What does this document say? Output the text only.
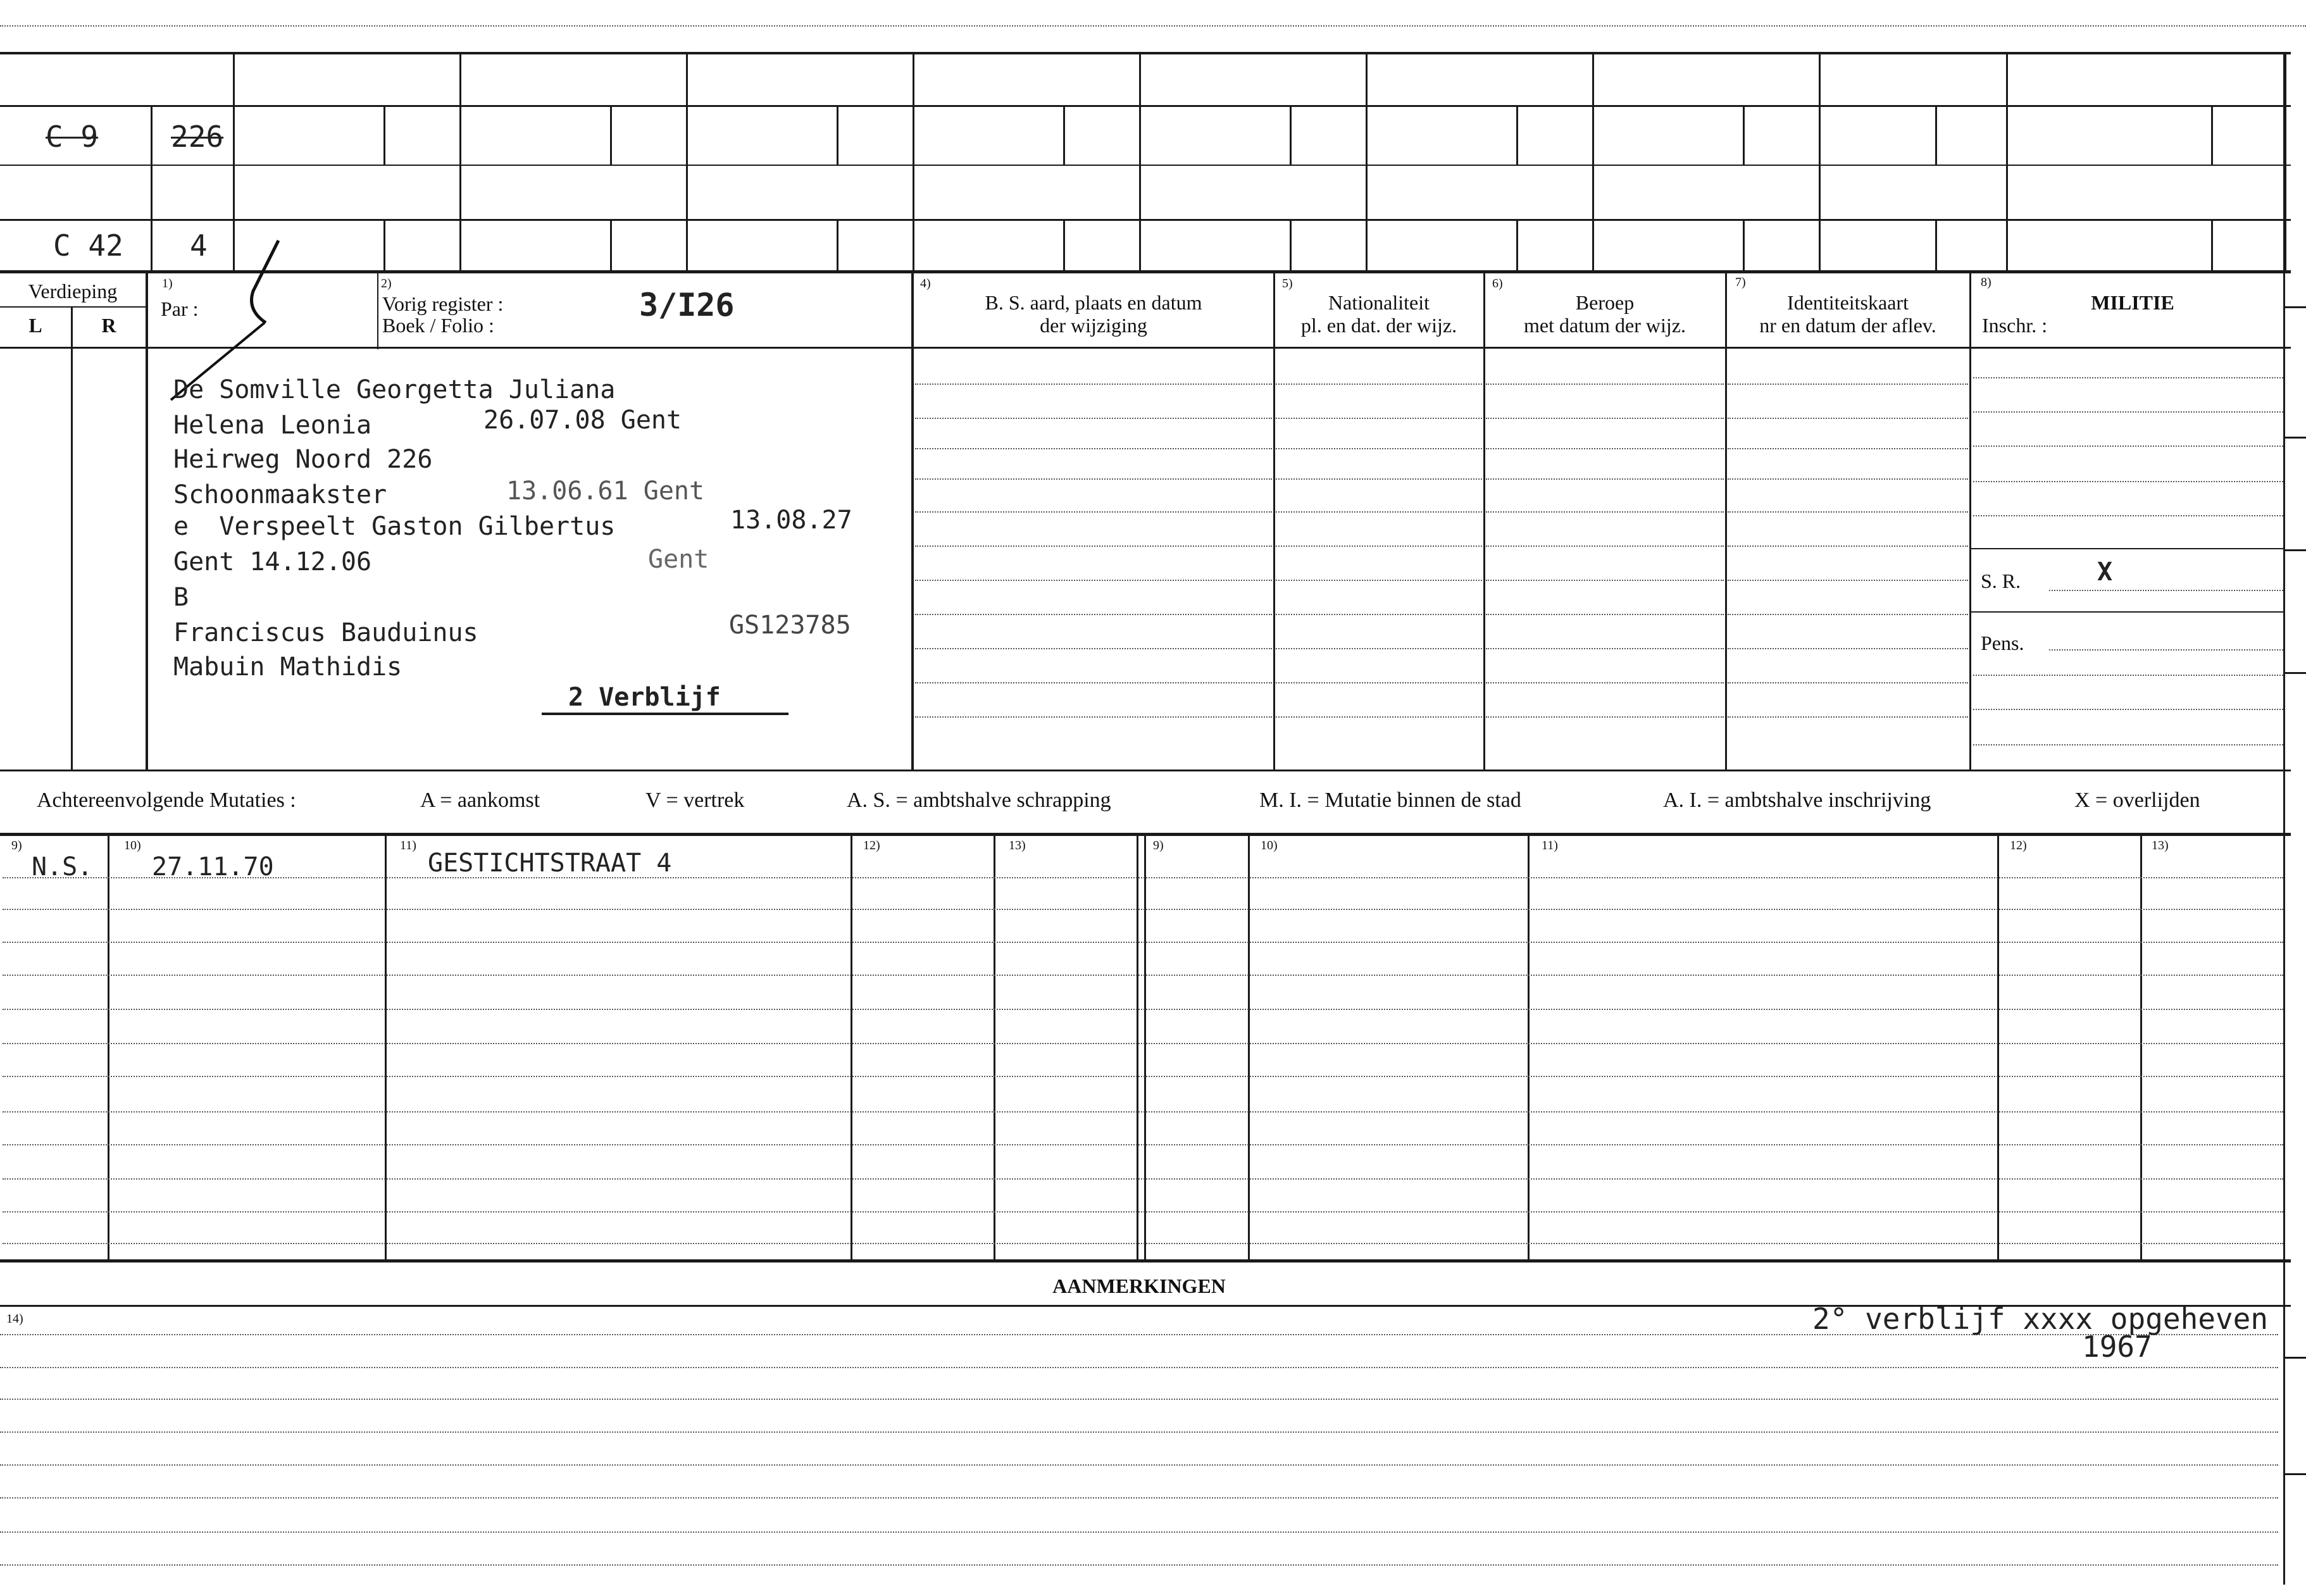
C 9 226
C 42 4
Verdieping
L	R
1)
Par :
2)
Vorig register :
Boek / Folio :
3/I26
4)
B. S. aard, plaats en datum
der wijziging
5)
Nationaliteit
pl. en dat. der wijz.
6)
Beroep
met datum der wijz.
7)
Identiteitskaart
nr en datum der aflev.
8)
MILITIE
Inschr. :
S. R.	X
Pens.
De Somville Georgetta Juliana
Helena Leonia	26.07.08 Gent
Heirweg Noord 226
Schoonmaakster	13.06.61 Gent
e  Verspeelt Gaston Gilbertus	13.08.27
Gent 14.12.06	Gent
B
Franciscus Bauduinus	GS123785
Mabuin Mathidis
2 Verblijf
Achtereenvolgende Mutaties :	A = aankomst	V = vertrek	A. S. = ambtshalve schrapping	M. I. = Mutatie binnen de stad	A. I. = ambtshalve inschrijving	X = overlijden
9)	10)	11)	12)	13)	9)	10)	11)	12)	13)
N.S. 27.11.70	GESTICHTSTRAAT 4
AANMERKINGEN
14)	2° verblijf xxxx opgeheven
1967
